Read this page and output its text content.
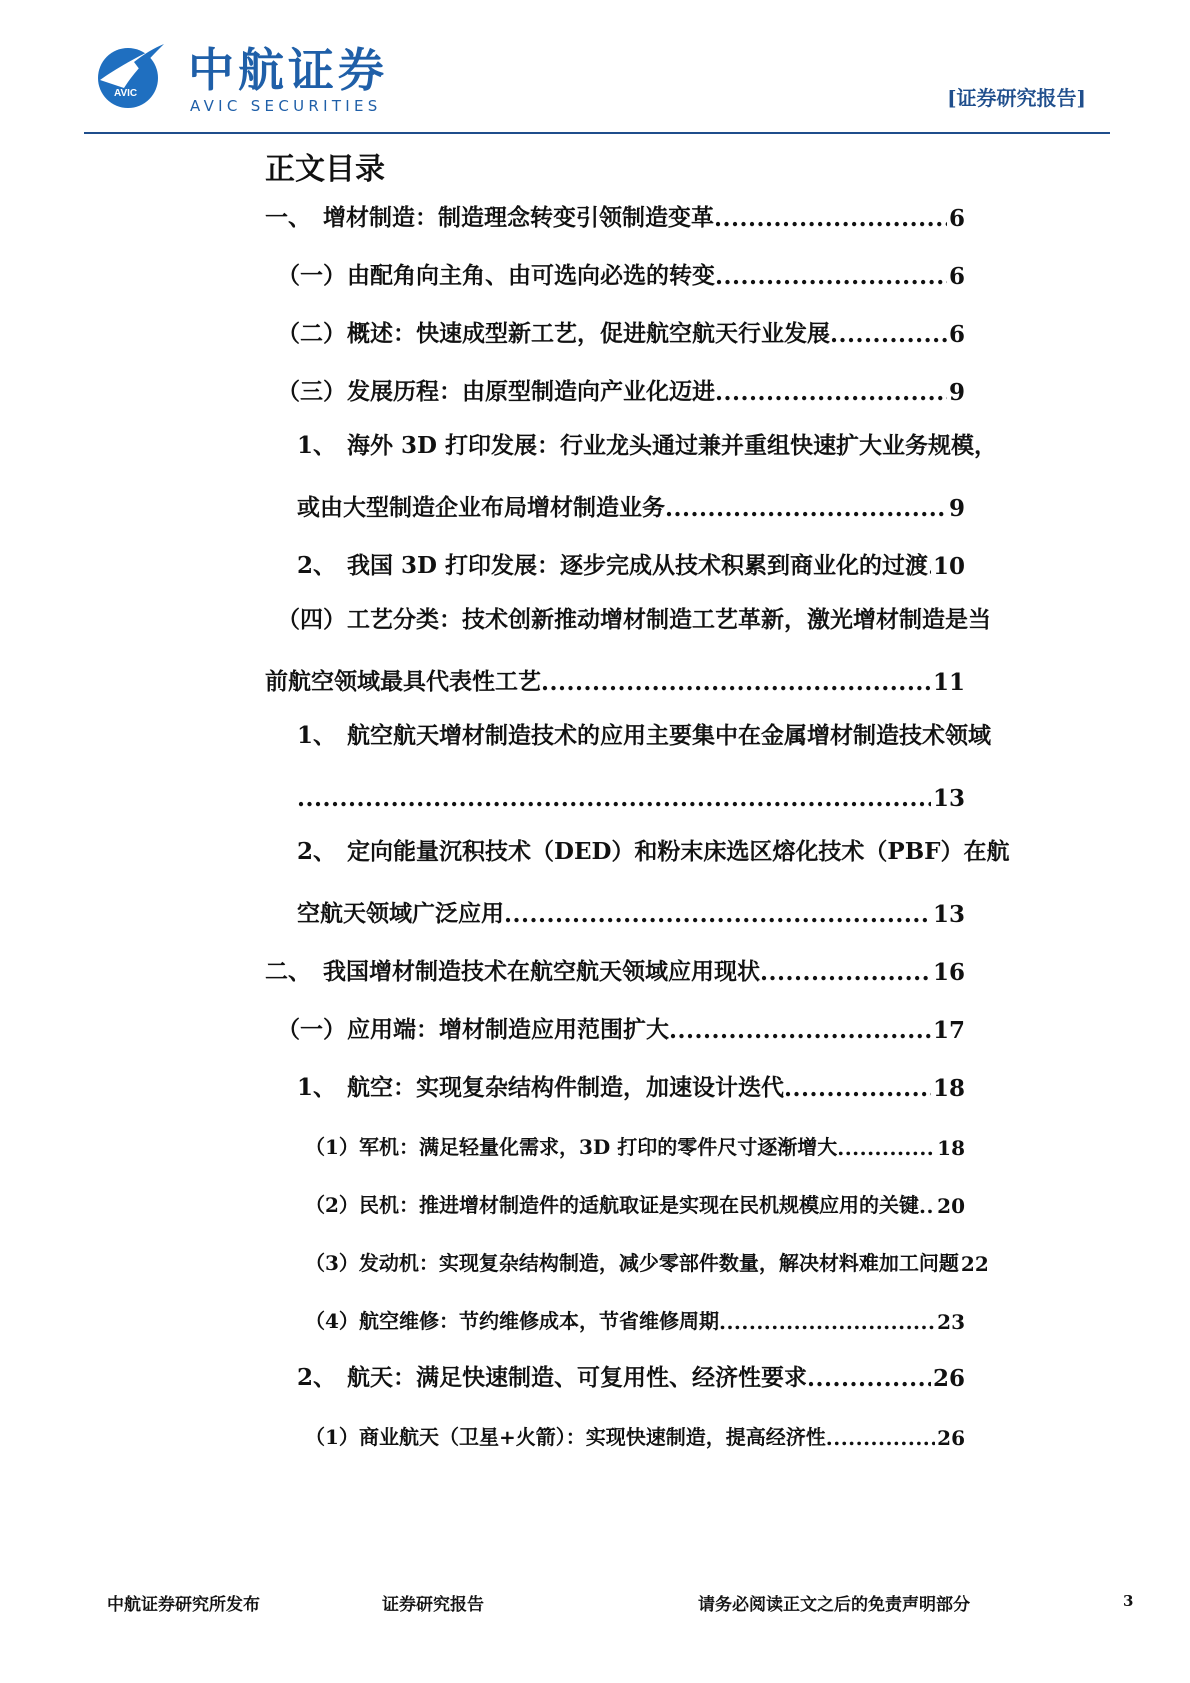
AVIC 中航证券
AVIC SECURITIES	[证券研究报告]
正文目录
一、 增材制造：制造理念转变引领制造变革 .....	6
（一） 由配角向主角、由可选向必选的转变 .....	6
（二） 概述：快速成型新工艺，促进航空航天行业发展 .....	6
（三） 发展历程：由原型制造向产业化迈进 .....	9
1、 海外 3D 打印发展：行业龙头通过兼并重组快速扩大业务规模，
或由大型制造企业布局增材制造业务 .....	9
2、 我国 3D 打印发展：逐步完成从技术积累到商业化的过渡 ..... 10
（四）工艺分类：技术创新推动增材制造工艺革新，激光增材制造是当
前航空领域最具代表性工艺 .....	11
1、 航空航天增材制造技术的应用主要集中在金属增材制造技术领域
.....
13
2、 定向能量沉积技术（DED）和粉末床选区熔化技术（PBF）在航
空航天领域广泛应用 .....	13
二、 我国增材制造技术在航空航天领域应用现状 .....	16
（一） 应用端：增材制造应用范围扩大 .....	17
1、 航空：实现复杂结构件制造，加速设计迭代 .....	18
（1） 军机：满足轻量化需求，3D 打印的零件尺寸逐渐增大 .....	18
（2） 民机：推进增材制造件的适航取证是实现在民机规模应用的关键 ..... 20
（3） 发动机：实现复杂结构制造，减少零部件数量，解决材料难加工问题 22
（4） 航空维修：节约维修成本，节省维修周期 .....	23
2、 航天：满足快速制造、可复用性、经济性要求 .....	26
（1） 商业航天（卫星+火箭）：实现快速制造，提高经济性 .....	26
中航证券研究所发布	证券研究报告	请务必阅读正文之后的免责声明部分	3
